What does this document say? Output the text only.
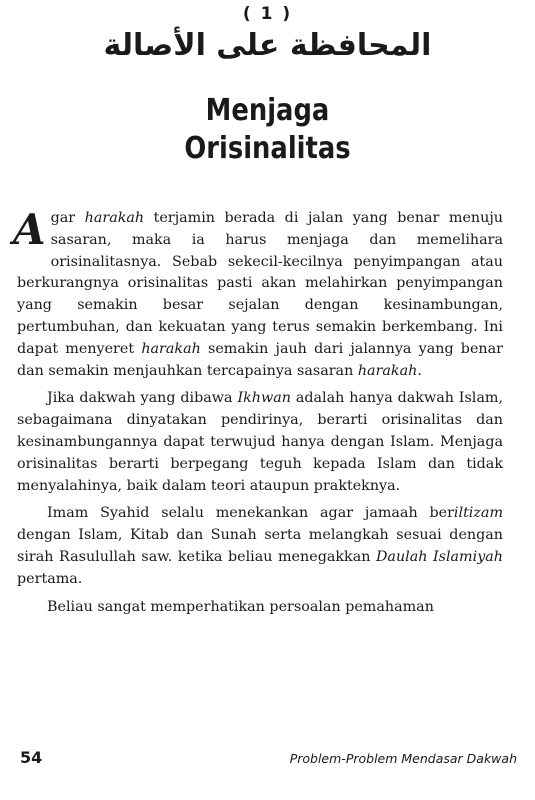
( 1 )
المحافظة على الأصالة
Menjaga
Orisinalitas

Agar harakah terjamin berada di jalan yang benar menuju sasaran, maka ia harus menjaga dan memelihara orisinalitasnya. Sebab sekecil-kecilnya penyimpangan atau berkurangnya orisinalitas pasti akan melahirkan penyimpangan yang semakin besar sejalan dengan kesinambungan, pertumbuhan, dan kekuatan yang terus semakin berkembang. Ini dapat menyeret harakah semakin jauh dari jalannya yang benar dan semakin menjauhkan tercapainya sasaran harakah.

Jika dakwah yang dibawa Ikhwan adalah hanya dakwah Islam, sebagaimana dinyatakan pendirinya, berarti orisinalitas dan kesinambungannya dapat terwujud hanya dengan Islam. Menjaga orisinalitas berarti berpegang teguh kepada Islam dan tidak menyalahinya, baik dalam teori ataupun prakteknya.

Imam Syahid selalu menekankan agar jamaah beriltizam dengan Islam, Kitab dan Sunah serta melangkah sesuai dengan sirah Rasulullah saw. ketika beliau menegakkan Daulah Islamiyah pertama.

Beliau sangat memperhatikan persoalan pemahaman

54	Problem-Problem Mendasar Dakwah
